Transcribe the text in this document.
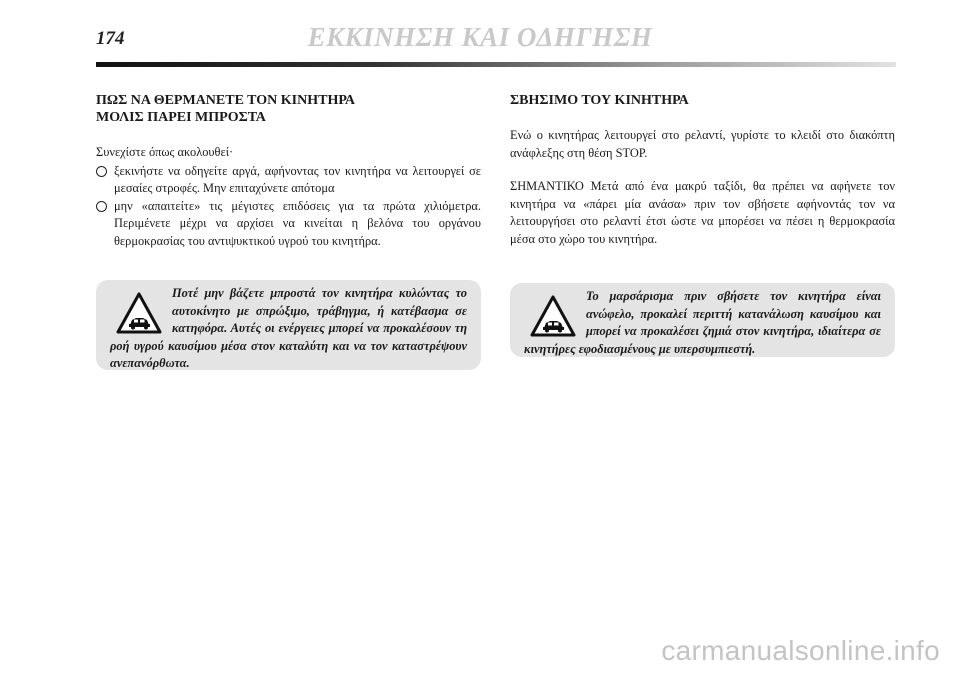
174	ΕΚΚΙΝΗΣΗ ΚΑΙ ΟΔΗΓΗΣΗ
ΠΩΣ ΝΑ ΘΕΡΜΑΝΕΤΕ ΤΟΝ ΚΙΝΗΤΗΡΑ
ΜΟΛΙΣ ΠΑΡΕΙ ΜΠΡΟΣΤΑ

Συνεχίστε όπως ακολουθεί·

ξεκινήστε να οδηγείτε αργά, αφήνοντας τον κινητήρα να λειτουργεί σε μεσαίες στροφές. Μην επιταχύνετε απότομα
μην «απαιτείτε» τις μέγιστες επιδόσεις για τα πρώτα χιλιόμετρα. Περιμένετε μέχρι να αρχίσει να κινείται η βελόνα του οργάνου θερμοκρασίας του αντιψυκτικού υγρού του κινητήρα.
Ποτέ μην βάζετε μπροστά τον κινητήρα κυλώντας το αυτοκίνητο με σπρώξιμο, τράβηγμα, ή κατέβασμα σε κατηφόρα. Αυτές οι ενέργειες μπορεί να προκαλέσουν τη ροή υγρού καυσίμου μέσα στον καταλύτη και να τον καταστρέψουν ανεπανόρθωτα.
ΣΒΗΣΙΜΟ ΤΟΥ ΚΙΝΗΤΗΡΑ

Ενώ ο κινητήρας λειτουργεί στο ρελαντί, γυρίστε το κλειδί στο διακόπτη ανάφλεξης στη θέση STOP.

ΣΗΜΑΝΤΙΚΟ Μετά από ένα μακρύ ταξίδι, θα πρέπει να αφήνετε τον κινητήρα να «πάρει μία ανάσα» πριν τον σβήσετε αφήνοντάς τον να λειτουργήσει στο ρελαντί έτσι ώστε να μπορέσει να πέσει η θερμοκρασία μέσα στο χώρο του κινητήρα.

Το μαρσάρισμα πριν σβήσετε τον κινητήρα είναι ανώφελο, προκαλεί περιττή κατανάλωση καυσίμου και μπορεί να προκαλέσει ζημιά στον κινητήρα, ιδιαίτερα σε κινητήρες εφοδιασμένους με υπερσυμπιεστή.
carmanualsonline.info
